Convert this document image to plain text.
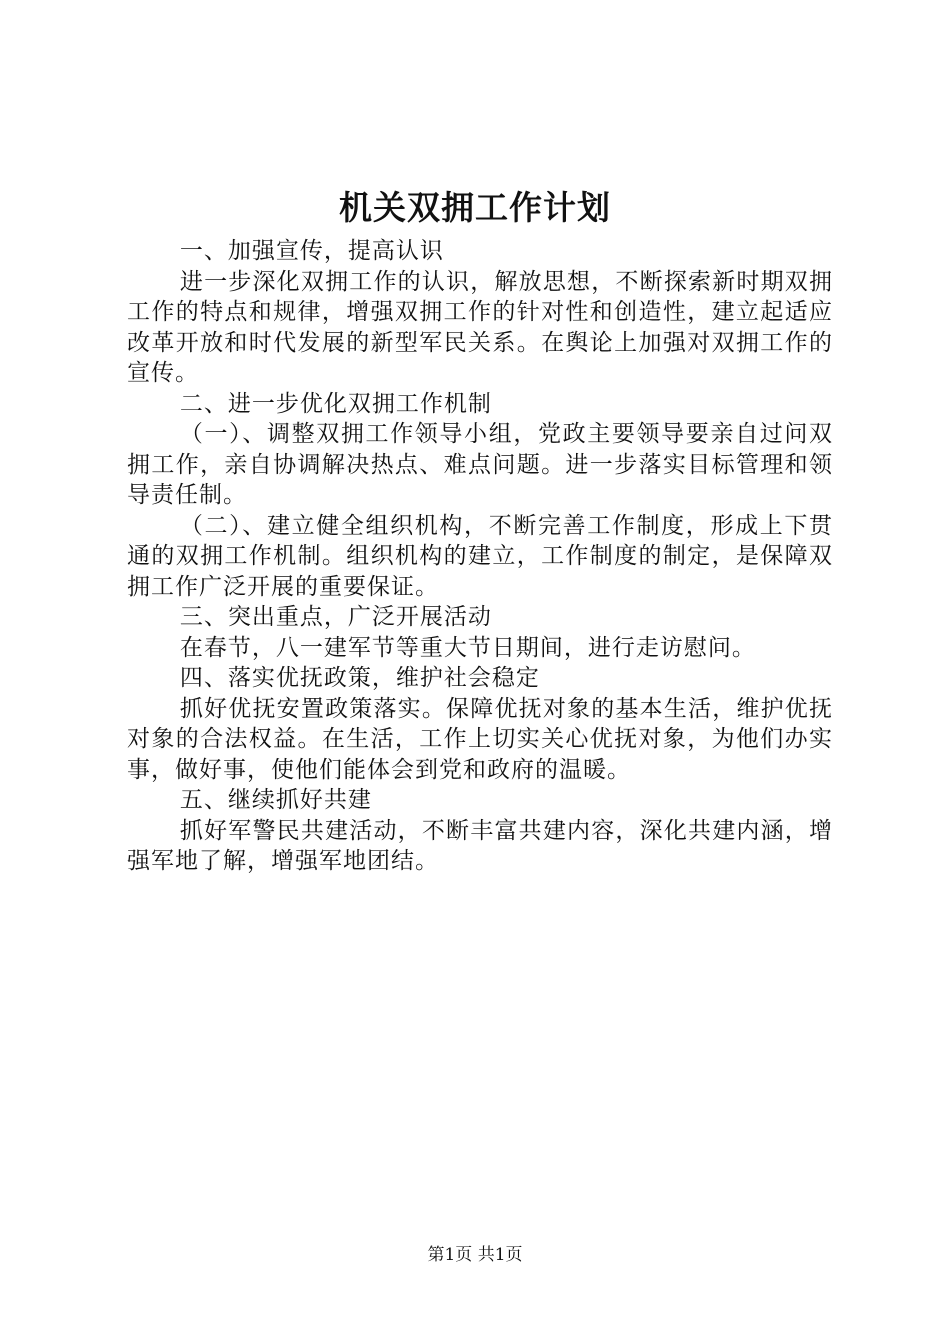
机关双拥工作计划

一、加强宣传，提高认识

进一步深化双拥工作的认识，解放思想，不断探索新时期双拥工作的特点和规律，增强双拥工作的针对性和创造性，建立起适应改革开放和时代发展的新型军民关系。在舆论上加强对双拥工作的宣传。

二、进一步优化双拥工作机制

（一）、调整双拥工作领导小组，党政主要领导要亲自过问双拥工作，亲自协调解决热点、难点问题。进一步落实目标管理和领导责任制。

（二）、建立健全组织机构，不断完善工作制度，形成上下贯通的双拥工作机制。组织机构的建立，工作制度的制定，是保障双拥工作广泛开展的重要保证。

三、突出重点，广泛开展活动

在春节，八一建军节等重大节日期间，进行走访慰问。

四、落实优抚政策，维护社会稳定

抓好优抚安置政策落实。保障优抚对象的基本生活，维护优抚对象的合法权益。在生活，工作上切实关心优抚对象，为他们办实事，做好事，使他们能体会到党和政府的温暖。

五、继续抓好共建

抓好军警民共建活动，不断丰富共建内容，深化共建内涵，增强军地了解，增强军地团结。

第1页 共1页
